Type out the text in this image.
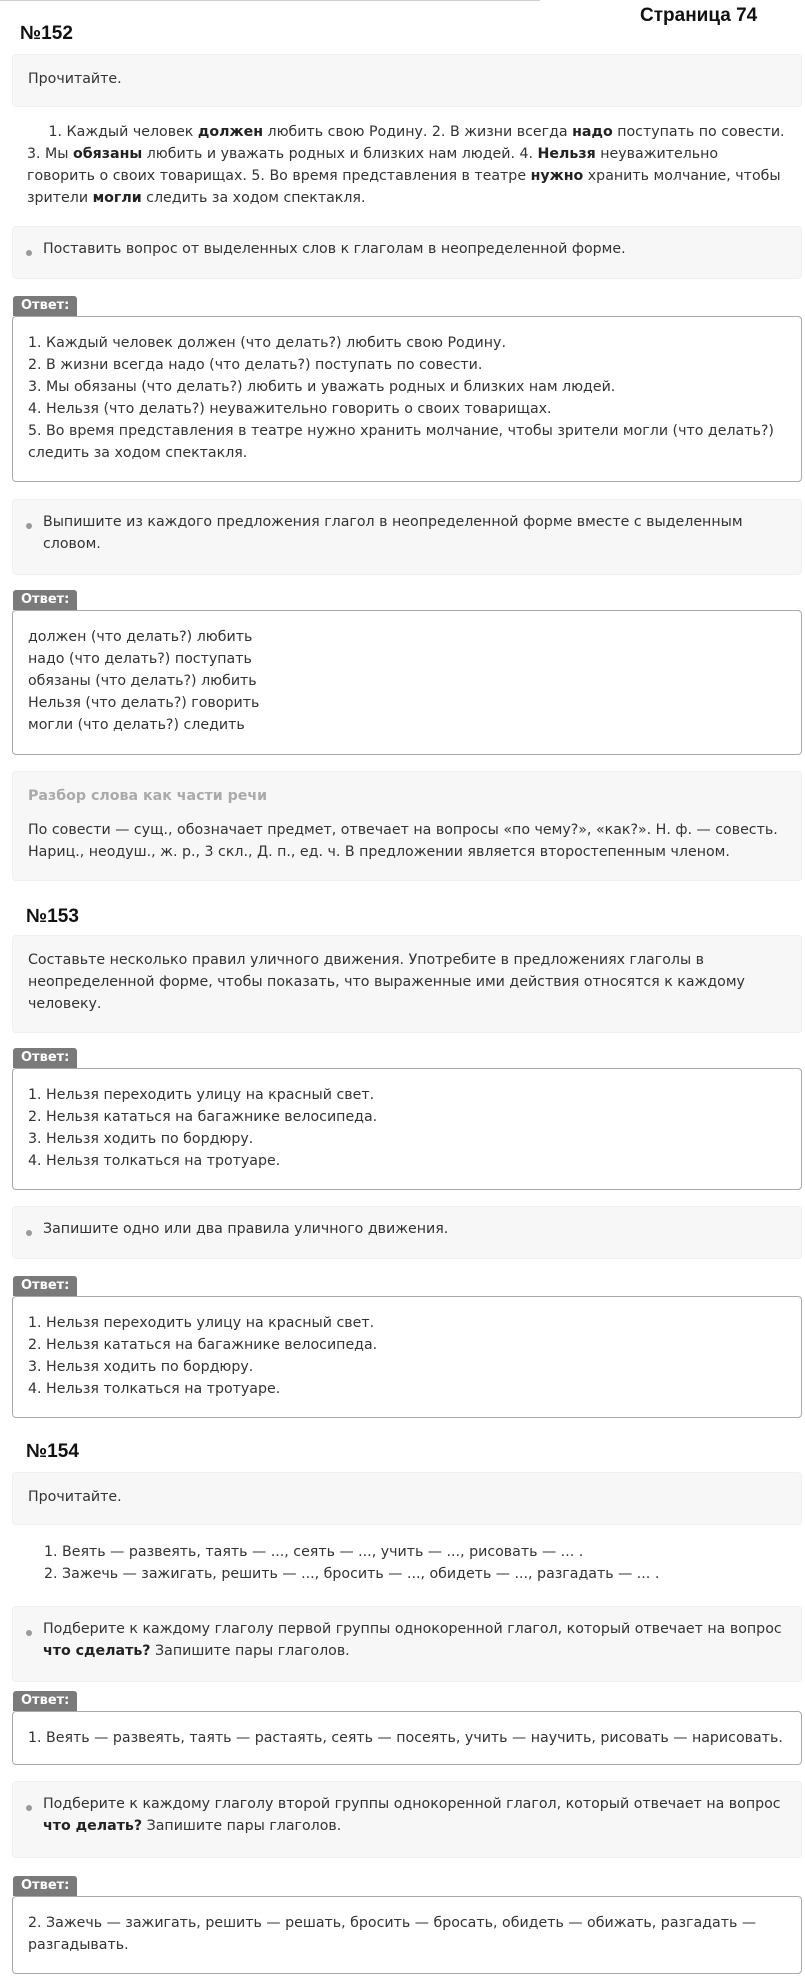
Страница 74
№152
Прочитайте.
1. Каждый человек должен любить свою Родину. 2. В жизни всегда надо поступать по совести. 3. Мы обязаны любить и уважать родных и близких нам людей. 4. Нельзя неуважительно говорить о своих товарищах. 5. Во время представления в театре нужно хранить молчание, чтобы зрители могли следить за ходом спектакля.
Поставить вопрос от выделенных слов к глаголам в неопределенной форме.
Ответ:
1. Каждый человек должен (что делать?) любить свою Родину.
2. В жизни всегда надо (что делать?) поступать по совести.
3. Мы обязаны (что делать?) любить и уважать родных и близких нам людей.
4. Нельзя (что делать?) неуважительно говорить о своих товарищах.
5. Во время представления в театре нужно хранить молчание, чтобы зрители могли (что делать?)
следить за ходом спектакля.
Выпишите из каждого предложения глагол в неопределенной форме вместе с выделенным
словом.
Ответ:
должен (что делать?) любить
надо (что делать?) поступать
обязаны (что делать?) любить
Нельзя (что делать?) говорить
могли (что делать?) следить
Разбор слова как части речи
По совести — сущ., обозначает предмет, отвечает на вопросы «по чему?», «как?». Н. ф. — совесть.
Нариц., неодуш., ж. р., 3 скл., Д. п., ед. ч. В предложении является второстепенным членом.
№153
Составьте несколько правил уличного движения. Употребите в предложениях глаголы в
неопределенной форме, чтобы показать, что выраженные ими действия относятся к каждому
человеку.
Ответ:
1. Нельзя переходить улицу на красный свет.
2. Нельзя кататься на багажнике велосипеда.
3. Нельзя ходить по бордюру.
4. Нельзя толкаться на тротуаре.
Запишите одно или два правила уличного движения.
Ответ:
1. Нельзя переходить улицу на красный свет.
2. Нельзя кататься на багажнике велосипеда.
3. Нельзя ходить по бордюру.
4. Нельзя толкаться на тротуаре.
№154
Прочитайте.
1. Веять — развеять, таять — ..., сеять — ..., учить — ..., рисовать — ... .
2. Зажечь — зажигать, решить — ..., бросить — ..., обидеть — ..., разгадать — ... .
Подберите к каждому глаголу первой группы однокоренной глагол, который отвечает на вопрос
что сделать? Запишите пары глаголов.
Ответ:
1. Веять — развеять, таять — растаять, сеять — посеять, учить — научить, рисовать — нарисовать.
Подберите к каждому глаголу второй группы однокоренной глагол, который отвечает на вопрос
что делать? Запишите пары глаголов.
Ответ:
2. Зажечь — зажигать, решить — решать, бросить — бросать, обидеть — обижать, разгадать —
разгадывать.
